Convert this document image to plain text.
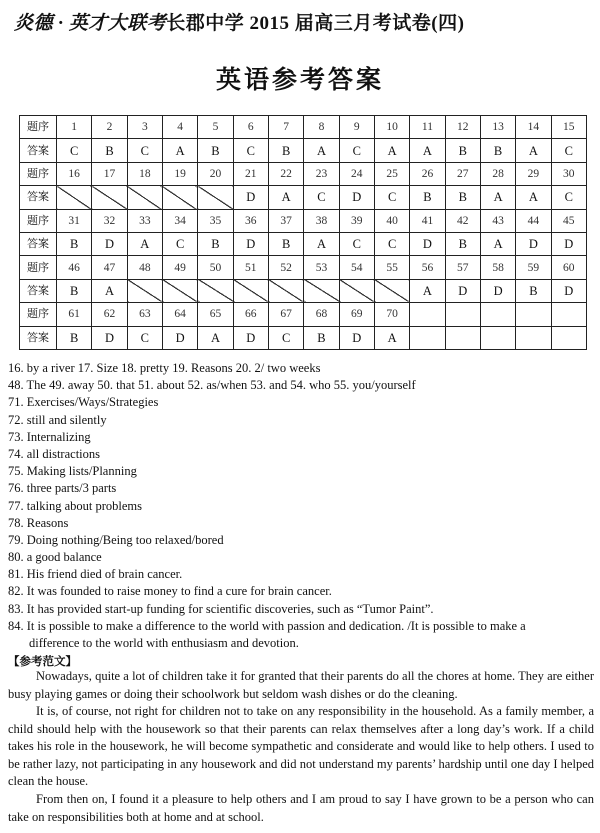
炎德 · 英才大联考长郡中学 2015 届高三月考试卷(四)
英语参考答案
题序	1	2	3	4	5	6	7	8	9	10	11	12	13	14	15
答案	C	B	C	A	B	C	B	A	C	A	A	B	B	A	C
题序	16	17	18	19	20	21	22	23	24	25	26	27	28	29	30
答案						D	A	C	D	C	B	B	A	A	C
题序	31	32	33	34	35	36	37	38	39	40	41	42	43	44	45
答案	B	D	A	C	B	D	B	A	C	C	D	B	A	D	D
题序	46	47	48	49	50	51	52	53	54	55	56	57	58	59	60
答案	B	A									A	D	D	B	D
题序	61	62	63	64	65	66	67	68	69	70					
答案	B	D	C	D	A	D	C	B	D	A					
16. by a river 17. Size 18. pretty 19. Reasons 20. 2/ two weeks
48. The 49. away 50. that 51. about 52. as/when 53. and 54. who 55. you/yourself
71. Exercises/Ways/Strategies
72. still and silently
73. Internalizing
74. all distractions
75. Making lists/Planning
76. three parts/3 parts
77. talking about problems
78. Reasons
79. Doing nothing/Being too relaxed/bored
80. a good balance
81. His friend died of brain cancer.
82. It was founded to raise money to find a cure for brain cancer.
83. It has provided start-up funding for scientific discoveries, such as “Tumor Paint”.
84. It is possible to make a difference to the world with passion and dedication. /It is possible to make a
difference to the world with enthusiasm and devotion.
【参考范文】
Nowadays, quite a lot of children take it for granted that their parents do all the chores at home. They are either busy playing games or doing their schoolwork but seldom wash dishes or do the cleaning.
It is, of course, not right for children not to take on any responsibility in the household. As a family member, a child should help with the housework so that their parents can relax themselves after a long day’s work. If a child takes his role in the housework, he will become sympathetic and considerate and would like to help others. I used to be rather lazy, not participating in any housework and did not understand my parents’ hardship until one day I helped clean the house.
From then on, I found it a pleasure to help others and I am proud to say I have grown to be a person who can take on responsibilities both at home and at school.
